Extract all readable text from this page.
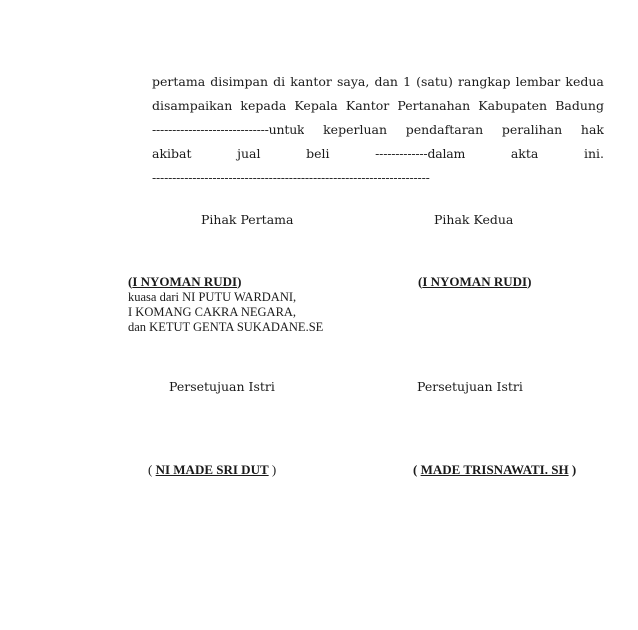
pertama disimpan di kantor saya, dan 1 (satu) rangkap lembar kedua
disampaikan kepada Kepala Kantor Pertanahan Kabupaten Badung
-----------------------------untuk keperluan pendaftaran peralihan hak
akibat	jual	beli	-------------dalam	akta	ini.
---------------------------------------------------------------------
Pihak Pertama	Pihak Kedua
(I NYOMAN RUDI)	(I NYOMAN RUDI)
kuasa dari NI PUTU WARDANI,
I KOMANG CAKRA NEGARA,
dan KETUT GENTA SUKADANE.SE
Persetujuan Istri	Persetujuan Istri
( NI MADE SRI DUT )	( MADE TRISNAWATI. SH )
